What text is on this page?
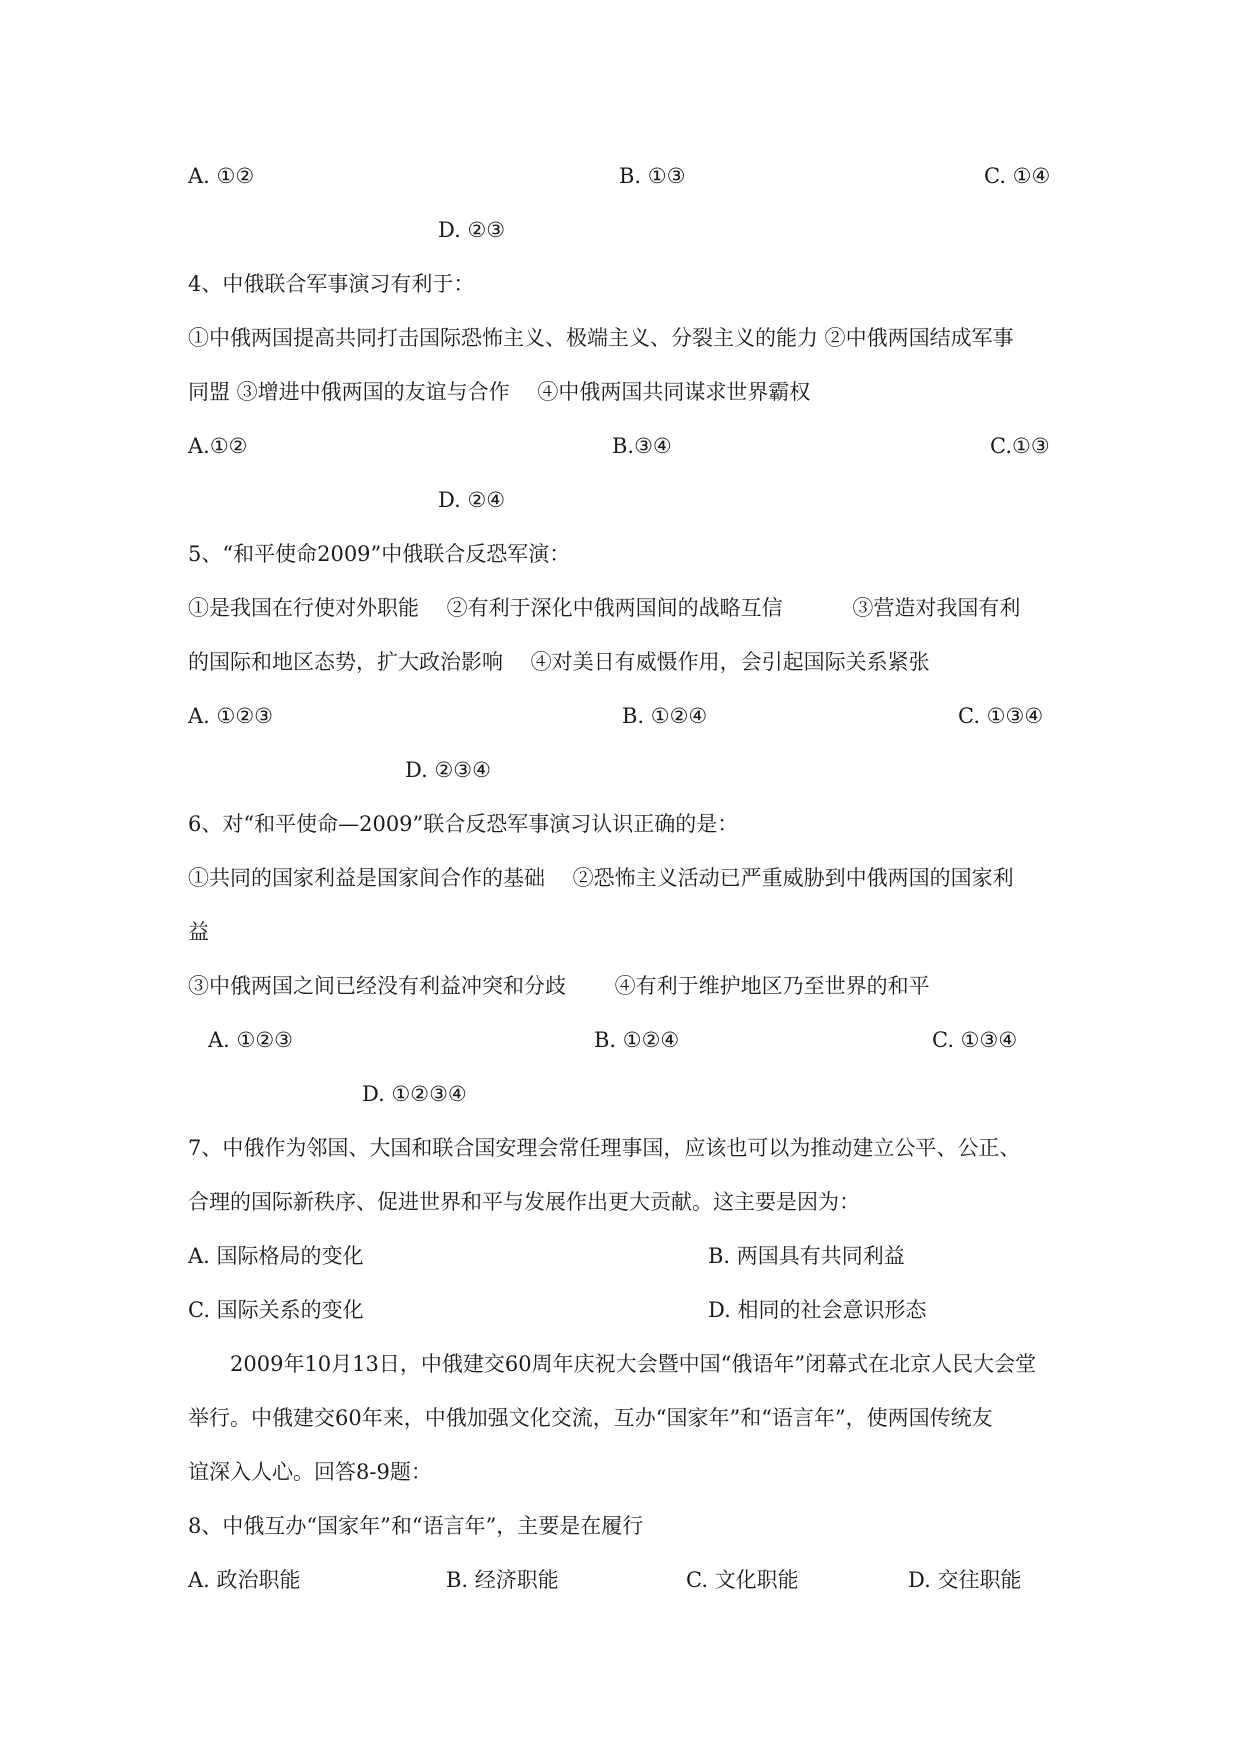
A. ①②	B. ①③	C. ①④
D. ②③
4、中俄联合军事演习有利于：
①中俄两国提高共同打击国际恐怖主义、极端主义、分裂主义的能力 ②中俄两国结成军事
同盟 ③增进中俄两国的友谊与合作　 ④中俄两国共同谋求世界霸权
A.①②	B.③④	C.①③
D. ②④
5、“和平使命2009”中俄联合反恐军演：
①是我国在行使对外职能　 ②有利于深化中俄两国间的战略互信　　　 ③营造对我国有利
的国际和地区态势，扩大政治影响　 ④对美日有威慑作用，会引起国际关系紧张
A. ①②③	B. ①②④	C. ①③④
D. ②③④
6、对“和平使命—2009”联合反恐军事演习认识正确的是：
①共同的国家利益是国家间合作的基础　 ②恐怖主义活动已严重威胁到中俄两国的国家利
益
③中俄两国之间已经没有利益冲突和分歧　　 ④有利于维护地区乃至世界的和平
A. ①②③	B. ①②④	C. ①③④
D. ①②③④
7、中俄作为邻国、大国和联合国安理会常任理事国，应该也可以为推动建立公平、公正、
合理的国际新秩序、促进世界和平与发展作出更大贡献。这主要是因为：
A. 国际格局的变化	B. 两国具有共同利益
C. 国际关系的变化	D. 相同的社会意识形态
　　2009年10月13日，中俄建交60周年庆祝大会暨中国“俄语年”闭幕式在北京人民大会堂
举行。中俄建交60年来，中俄加强文化交流，互办“国家年”和“语言年”，使两国传统友
谊深入人心。回答8-9题：
8、中俄互办“国家年”和“语言年”，主要是在履行
A. 政治职能	B. 经济职能	C. 文化职能	D. 交往职能
